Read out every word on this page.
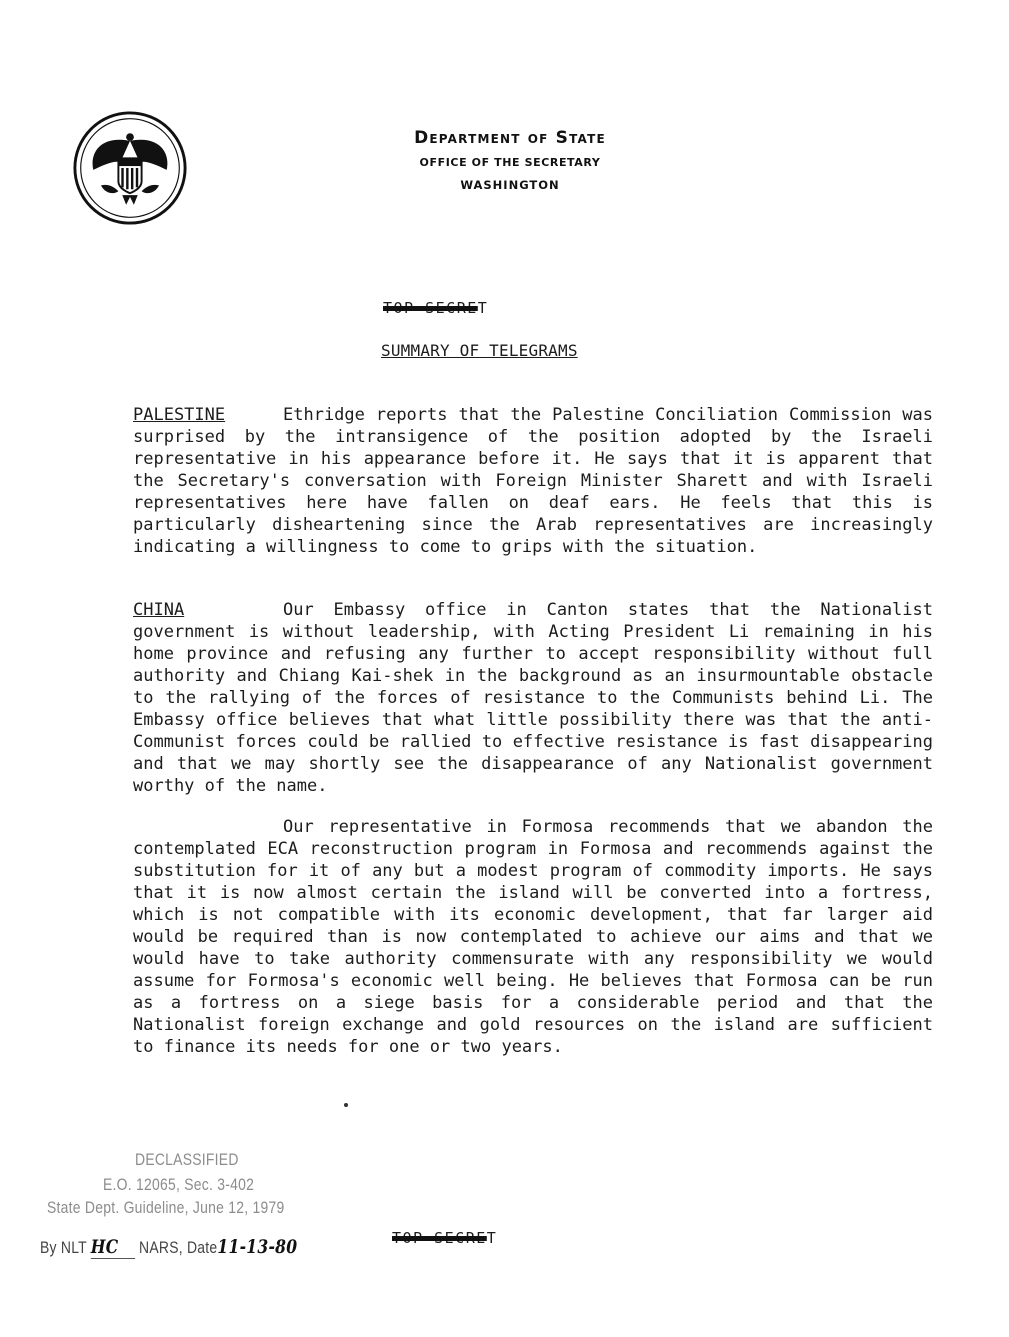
Department of State
OFFICE OF THE SECRETARY
WASHINGTON
TOP SECRET
SUMMARY OF TELEGRAMS

PALESTINE	Ethridge reports that the Palestine Conciliation Commission was surprised by the intransigence of the position adopted by the Israeli representative in his appearance before it. He says that it is apparent that the Secretary's conversation with Foreign Minister Sharett and with Israeli representatives here have fallen on deaf ears. He feels that this is particularly disheartening since the Arab representatives are increasingly indicating a willingness to come to grips with the situation.

CHINA	Our Embassy office in Canton states that the Nationalist government is without leadership, with Acting President Li remaining in his home province and refusing any further to accept responsibility without full authority and Chiang Kai-shek in the background as an insurmountable obstacle to the rallying of the forces of resistance to the Communists behind Li. The Embassy office believes that what little possibility there was that the anti-Communist forces could be rallied to effective resistance is fast disappearing and that we may shortly see the disappearance of any Nationalist government worthy of the name.

Our representative in Formosa recommends that we abandon the contemplated ECA reconstruction program in Formosa and recommends against the substitution for it of any but a modest program of commodity imports. He says that it is now almost certain the island will be converted into a fortress, which is not compatible with its economic development, that far larger aid would be required than is now contemplated to achieve our aims and that we would have to take authority commensurate with any responsibility we would assume for Formosa's economic well being. He believes that Formosa can be run as a fortress on a siege basis for a considerable period and that the Nationalist foreign exchange and gold resources on the island are sufficient to finance its needs for one or two years.

DECLASSIFIED
E.O. 12065, Sec. 3-402
State Dept. Guideline, June 12, 1979
By NLT HC NARS, Date11-13-80	TOP SECRET
